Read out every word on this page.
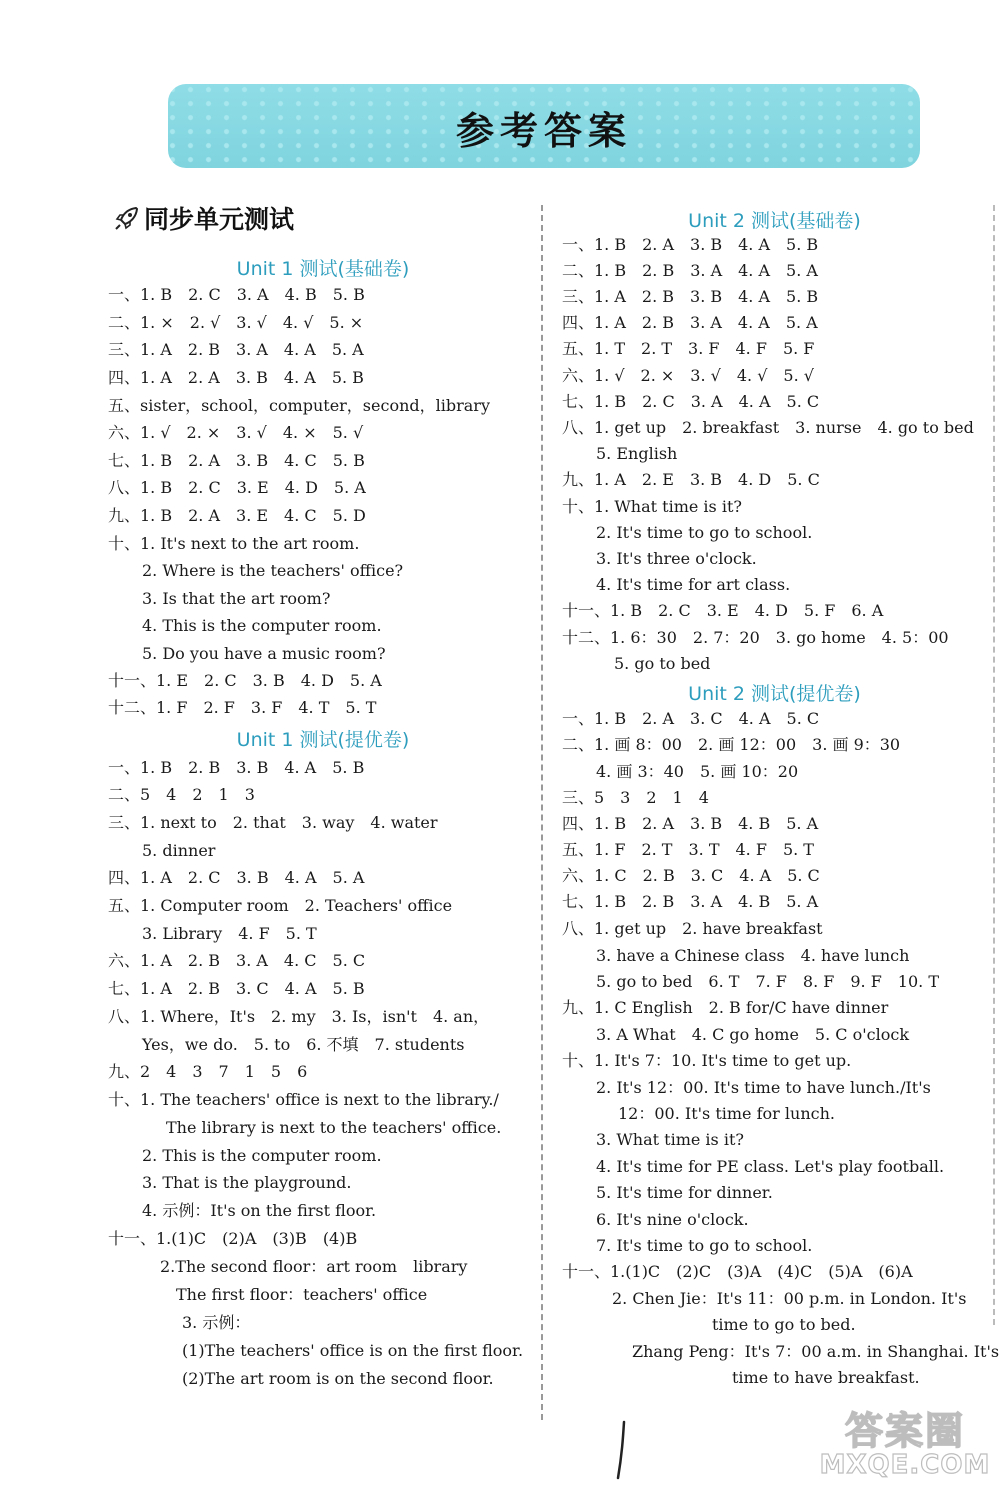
参考答案
同步单元测试
Unit 1 测试(基础卷)
一、1. B　2. C　3. A　4. B　5. B
二、1. ×　2. √　3. √　4. √　5. ×
三、1. A　2. B　3. A　4. A　5. A
四、1. A　2. A　3. B　4. A　5. B
五、sister，school，computer，second，library
六、1. √　2. ×　3. √　4. ×　5. √
七、1. B　2. A　3. B　4. C　5. B
八、1. B　2. C　3. E　4. D　5. A
九、1. B　2. A　3. E　4. C　5. D
十、1. It's next to the art room.
2. Where is the teachers' office?
3. Is that the art room?
4. This is the computer room.
5. Do you have a music room?
十一、1. E　2. C　3. B　4. D　5. A
十二、1. F　2. F　3. F　4. T　5. T
Unit 1 测试(提优卷)
一、1. B　2. B　3. B　4. A　5. B
二、5　4　2　1　3
三、1. next to　2. that　3. way　4. water
5. dinner
四、1. A　2. C　3. B　4. A　5. A
五、1. Computer room　2. Teachers' office
3. Library　4. F　5. T
六、1. A　2. B　3. A　4. C　5. C
七、1. A　2. B　3. C　4. A　5. B
八、1. Where，It's　2. my　3. Is，isn't　4. an，
Yes，we do.　5. to　6. 不填　7. students
九、2　4　3　7　1　5　6
十、1. The teachers' office is next to the library./
The library is next to the teachers' office.
2. This is the computer room.
3. That is the playground.
4. 示例：It's on the first floor.
十一、1.(1)C　(2)A　(3)B　(4)B
2.The second floor：art room　library
The first floor：teachers' office
3. 示例：
(1)The teachers' office is on the first floor.
(2)The art room is on the second floor.
Unit 2 测试(基础卷)
一、1. B　2. A　3. B　4. A　5. B
二、1. B　2. B　3. A　4. A　5. A
三、1. A　2. B　3. B　4. A　5. B
四、1. A　2. B　3. A　4. A　5. A
五、1. T　2. T　3. F　4. F　5. F
六、1. √　2. ×　3. √　4. √　5. √
七、1. B　2. C　3. A　4. A　5. C
八、1. get up　2. breakfast　3. nurse　4. go to bed
5. English
九、1. A　2. E　3. B　4. D　5. C
十、1. What time is it?
2. It's time to go to school.
3. It's three o'clock.
4. It's time for art class.
十一、1. B　2. C　3. E　4. D　5. F　6. A
十二、1. 6：30　2. 7：20　3. go home　4. 5：00
5. go to bed
Unit 2 测试(提优卷)
一、1. B　2. A　3. C　4. A　5. C
二、1. 画 8：00　2. 画 12：00　3. 画 9：30
4. 画 3：40　5. 画 10：20
三、5　3　2　1　4
四、1. B　2. A　3. B　4. B　5. A
五、1. F　2. T　3. T　4. F　5. T
六、1. C　2. B　3. C　4. A　5. C
七、1. B　2. B　3. A　4. B　5. A
八、1. get up　2. have breakfast
3. have a Chinese class　4. have lunch
5. go to bed　6. T　7. F　8. F　9. F　10. T
九、1. C English　2. B for/C have dinner
3. A What　4. C go home　5. C o'clock
十、1. It's 7：10. It's time to get up.
2. It's 12：00. It's time to have lunch./It's
12：00. It's time for lunch.
3. What time is it?
4. It's time for PE class. Let's play football.
5. It's time for dinner.
6. It's nine o'clock.
7. It's time to go to school.
十一、1.(1)C　(2)C　(3)A　(4)C　(5)A　(6)A
2. Chen Jie：It's 11：00 p.m. in London. It's
time to go to bed.
Zhang Peng：It's 7：00 a.m. in Shanghai. It's
time to have breakfast.
答案圈
MXQE.COM
